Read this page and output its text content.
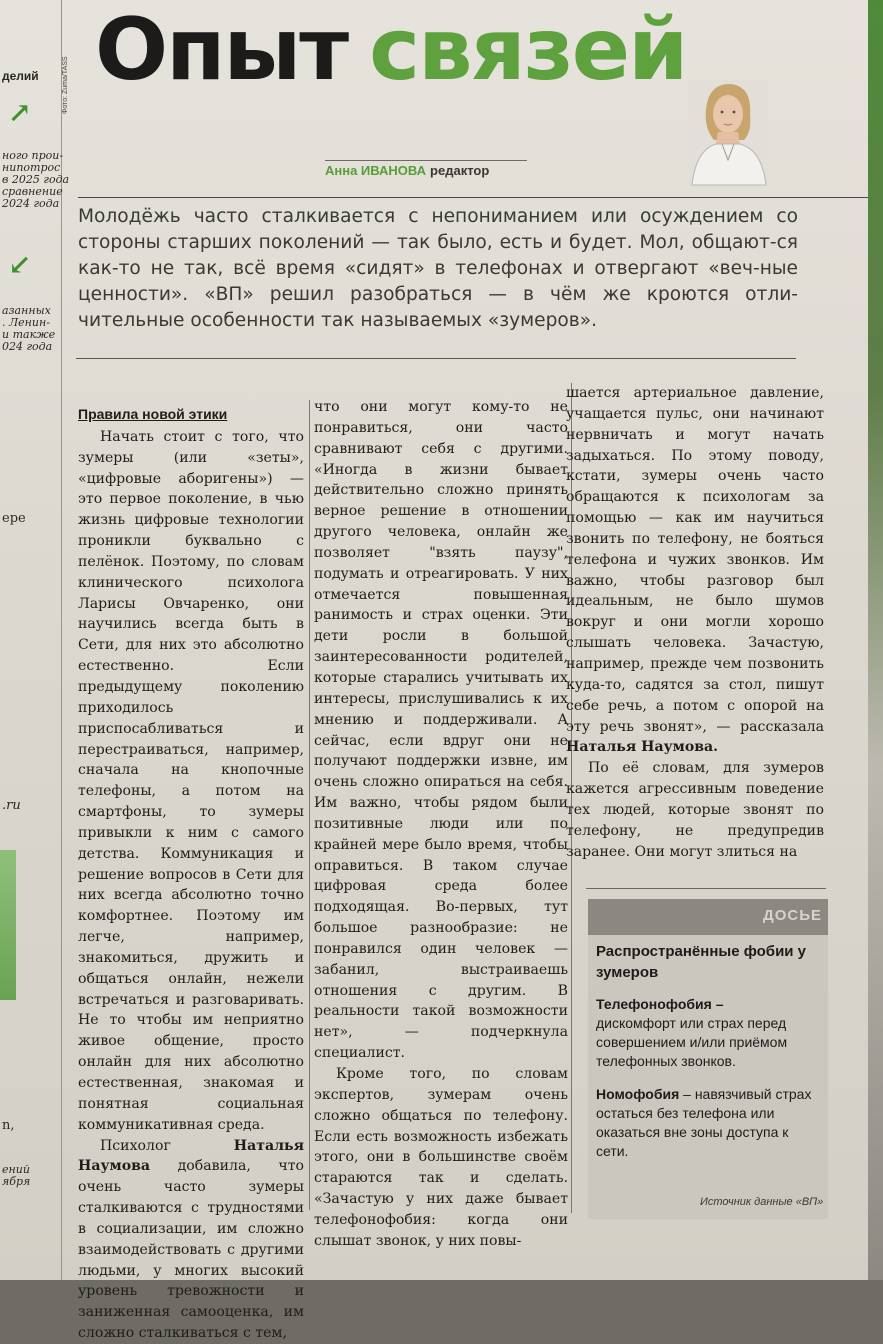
делий
↗
ного прои-
нипотрос
в 2025 года
сравнение
2024 года
↙
азанных
. Ленин-
и также
024 года
ере
.ru
n,
ений
ября
Фото: Zuma/TASS Опыт связей
Анна ИВАНОВА редактор
Молодёжь часто сталкивается с непониманием или осуждением со стороны старших поколений — так было, есть и будет. Мол, общают-ся как-то не так, всё время «сидят» в телефонах и отвергают «веч-ные ценности». «ВП» решил разобраться — в чём же кроются отли-чительные особенности так называемых «зумеров».
Правила новой этики

Начать стоит с того, что зумеры (или «зеты», «цифровые аборигены») — это первое поколение, в чью жизнь цифровые технологии проникли буквально с пелёнок. Поэтому, по словам клинического психолога Ларисы Овчаренко, они научились всегда быть в Сети, для них это абсолютно естественно. Если предыдущему поколению приходилось приспосабливаться и перестраиваться, например, сначала на кнопочные телефоны, а потом на смартфоны, то зумеры привыкли к ним с самого детства. Коммуникация и решение вопросов в Сети для них всегда абсолютно точно комфортнее. Поэтому им легче, например, знакомиться, дружить и общаться онлайн, нежели встречаться и разговаривать. Не то чтобы им неприятно живое общение, просто онлайн для них абсолютно естественная, знакомая и понятная социальная коммуникативная среда.

Психолог Наталья Наумова добавила, что очень часто зумеры сталкиваются с трудностями в социализации, им сложно взаимодействовать с другими людьми, у многих высокий уровень тревожности и заниженная самооценка, им сложно сталкиваться с тем,

что они могут кому-то не понравиться, они часто сравнивают себя с другими. «Иногда в жизни бывает действительно сложно принять верное решение в отношении другого человека, онлайн же позволяет "взять паузу", подумать и отреагировать. У них отмечается повышенная ранимость и страх оценки. Эти дети росли в большой заинтересованности родителей, которые старались учитывать их интересы, прислушивались к их мнению и поддерживали. А сейчас, если вдруг они не получают поддержки извне, им очень сложно опираться на себя. Им важно, чтобы рядом были позитивные люди или по крайней мере было время, чтобы оправиться. В таком случае цифровая среда более подходящая. Во-первых, тут большое разнообразие: не понравился один человек — забанил, выстраиваешь отношения с другим. В реальности такой возможности нет», — подчеркнула специалист.

Кроме того, по словам экспертов, зумерам очень сложно общаться по телефону. Если есть возможность избежать этого, они в большинстве своём стараются так и сделать. «Зачастую у них даже бывает телефонофобия: когда они слышат звонок, у них повы-

шается артериальное давление, учащается пульс, они начинают нервничать и могут начать задыхаться. По этому поводу, кстати, зумеры очень часто обращаются к психологам за помощью — как им научиться звонить по телефону, не бояться телефона и чужих звонков. Им важно, чтобы разговор был идеальным, не было шумов вокруг и они могли хорошо слышать человека. Зачастую, например, прежде чем позвонить куда-то, садятся за стол, пишут себе речь, а потом с опорой на эту речь звонят», — рассказала Наталья Наумова.

По её словам, для зумеров кажется агрессивным поведение тех людей, которые звонят по телефону, не предупредив заранее. Они могут злиться на

ДОСЬЕ
Распространённые фобии у зумеров
Телефонофобия –
дискомфорт или страх перед совершением и/или приёмом телефонных звонков.
Номофобия – навязчивый страх остаться без телефона или оказаться вне зоны доступа к сети.
Источник данные «ВП»
